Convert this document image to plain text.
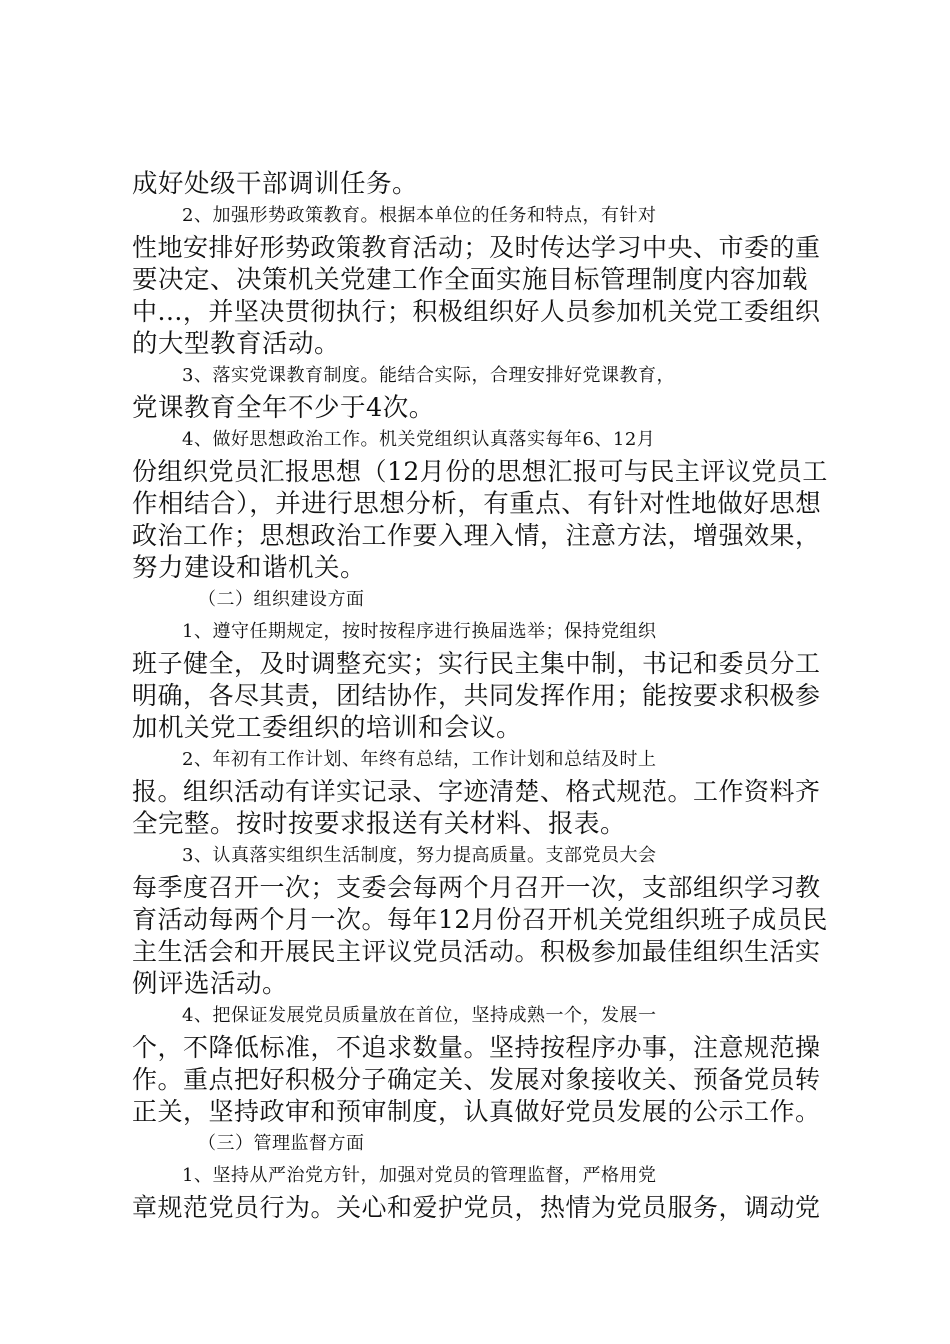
成好处级干部调训任务。
2、加强形势政策教育。根据本单位的任务和特点，有针对
性地安排好形势政策教育活动；及时传达学习中央、市委的重
要决定、决策机关党建工作全面实施目标管理制度内容加载
中...，并坚决贯彻执行；积极组织好人员参加机关党工委组织
的大型教育活动。
3、落实党课教育制度。能结合实际，合理安排好党课教育，
党课教育全年不少于4次。
4、做好思想政治工作。机关党组织认真落实每年6、12月
份组织党员汇报思想（12月份的思想汇报可与民主评议党员工
作相结合），并进行思想分析，有重点、有针对性地做好思想
政治工作；思想政治工作要入理入情，注意方法，增强效果，
努力建设和谐机关。
（二）组织建设方面
1、遵守任期规定，按时按程序进行换届选举；保持党组织
班子健全，及时调整充实；实行民主集中制，书记和委员分工
明确，各尽其责，团结协作，共同发挥作用；能按要求积极参
加机关党工委组织的培训和会议。
2、年初有工作计划、年终有总结，工作计划和总结及时上
报。组织活动有详实记录、字迹清楚、格式规范。工作资料齐
全完整。按时按要求报送有关材料、报表。
3、认真落实组织生活制度，努力提高质量。支部党员大会
每季度召开一次；支委会每两个月召开一次，支部组织学习教
育活动每两个月一次。每年12月份召开机关党组织班子成员民
主生活会和开展民主评议党员活动。积极参加最佳组织生活实
例评选活动。
4、把保证发展党员质量放在首位，坚持成熟一个，发展一
个，不降低标准，不追求数量。坚持按程序办事，注意规范操
作。重点把好积极分子确定关、发展对象接收关、预备党员转
正关，坚持政审和预审制度，认真做好党员发展的公示工作。
（三）管理监督方面
1、坚持从严治党方针，加强对党员的管理监督，严格用党
章规范党员行为。关心和爱护党员，热情为党员服务，调动党
